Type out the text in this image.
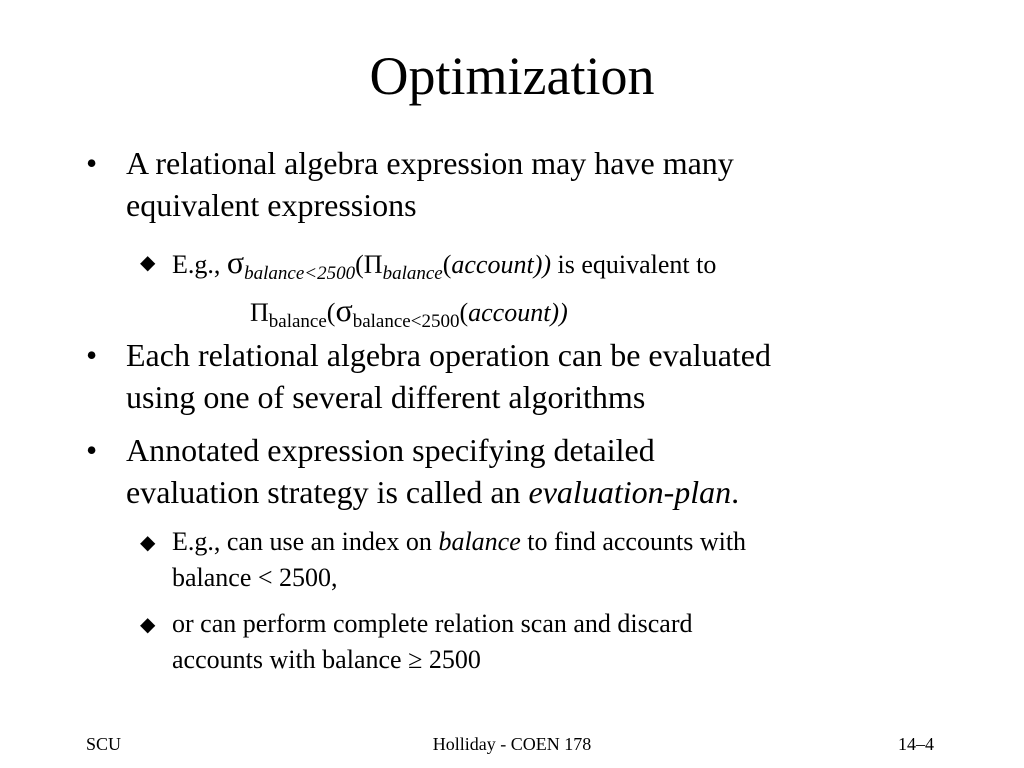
Optimization
• A relational algebra expression may have many
equivalent expressions
◆ E.g., $\sigma_{balance<2500}(\Pi_{balance}(account))$ is equivalent to
$\Pi_{balance}(\sigma_{balance<2500}(account))$
• Each relational algebra operation can be evaluated
using one of several different algorithms
• Annotated expression specifying detailed
evaluation strategy is called an evaluation-plan.
◆ E.g., can use an index on balance to find accounts with
balance < 2500,
◆ or can perform complete relation scan and discard
accounts with balance ≥ 2500
SCU	Holliday - COEN 178	14–4
